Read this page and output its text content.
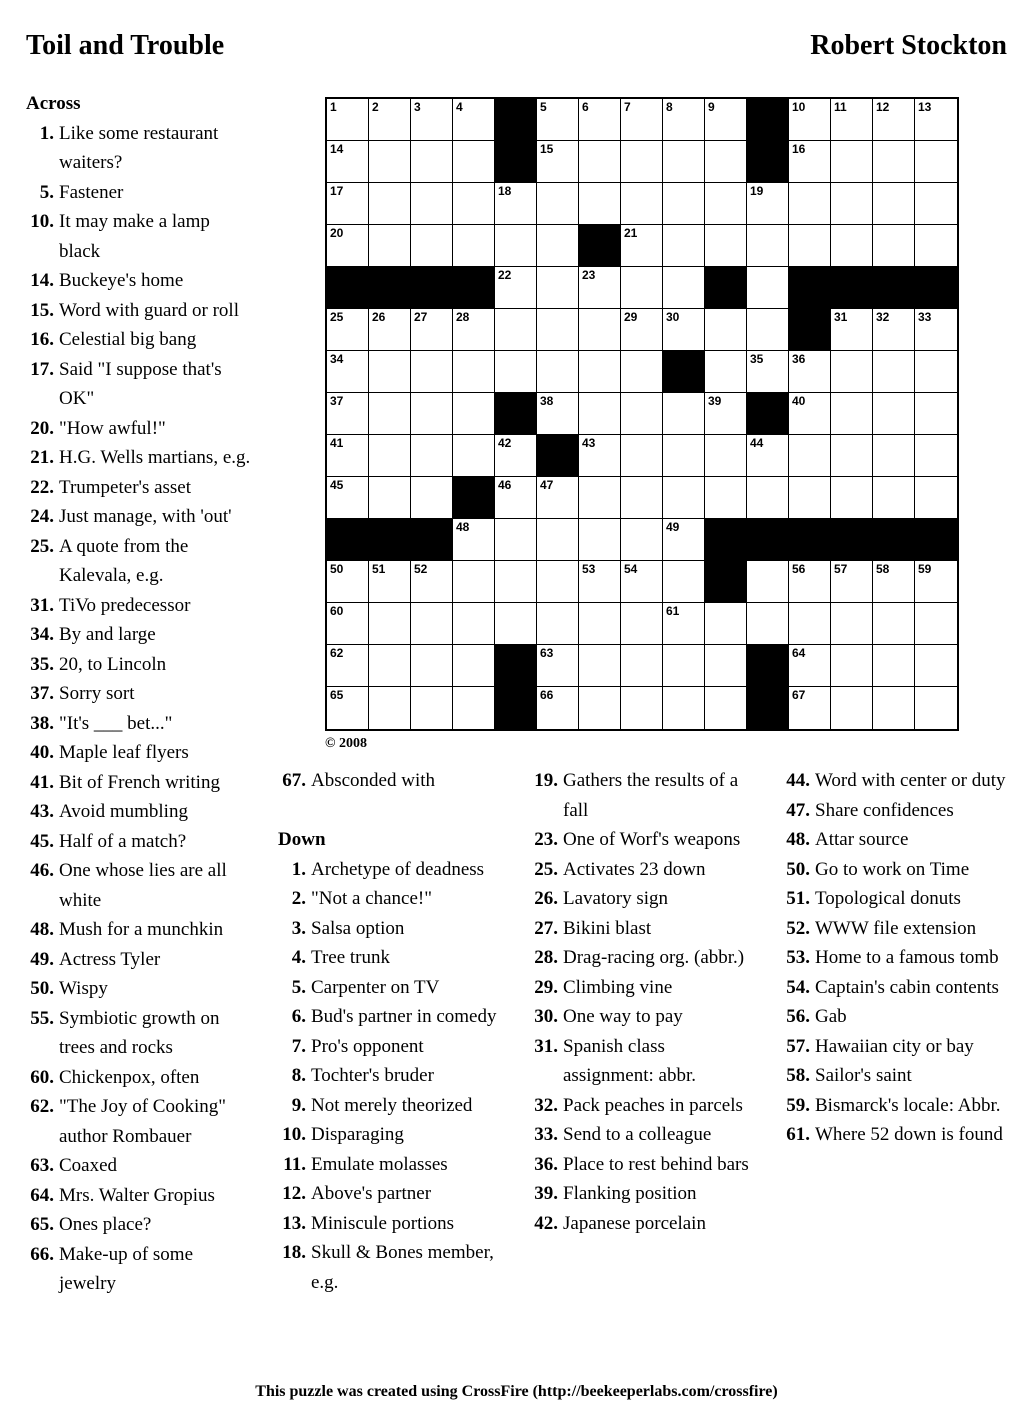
Toil and Trouble	Robert Stockton
1	2	3	4	5	6	7	8	9	10 11 12 13
14	15	16
17	18	19
20	21
22	23	24
25 26 27 28	29 30	31 32 33
34	35 36
37	38	39	40
41	42	43	44
45	46 47
48	49
50 51 52	53 54	55	56 57 58 59
60	61
62	63	64
65	66	67
© 2008
Across
1. Like some restaurant waiters?
5. Fastener
10. It may make a lamp black
14. Buckeye's home
15. Word with guard or roll
16. Celestial big bang
17. Said "I suppose that's OK"
20. "How awful!"
21. H.G. Wells martians, e.g.
22. Trumpeter's asset
24. Just manage, with 'out'
25. A quote from the Kalevala, e.g.
31. TiVo predecessor
34. By and large
35. 20, to Lincoln
37. Sorry sort
38. "It's ___ bet..."
40. Maple leaf flyers
41. Bit of French writing
43. Avoid mumbling
45. Half of a match?
46. One whose lies are all white
48. Mush for a munchkin
49. Actress Tyler
50. Wispy
55. Symbiotic growth on trees and rocks
60. Chickenpox, often
62. "The Joy of Cooking" author Rombauer
63. Coaxed
64. Mrs. Walter Gropius
65. Ones place?
66. Make-up of some jewelry
67. Absconded with
Down
1. Archetype of deadness
2. "Not a chance!"
3. Salsa option
4. Tree trunk
5. Carpenter on TV
6. Bud's partner in comedy
7. Pro's opponent
8. Tochter's bruder
9. Not merely theorized
10. Disparaging
11. Emulate molasses
12. Above's partner
13. Miniscule portions
18. Skull & Bones member, e.g.
19. Gathers the results of a fall
23. One of Worf's weapons
25. Activates 23 down
26. Lavatory sign
27. Bikini blast
28. Drag-racing org. (abbr.)
29. Climbing vine
30. One way to pay
31. Spanish class assignment: abbr.
32. Pack peaches in parcels
33. Send to a colleague
36. Place to rest behind bars
39. Flanking position
42. Japanese porcelain
44. Word with center or duty
47. Share confidences
48. Attar source
50. Go to work on Time
51. Topological donuts
52. WWW file extension
53. Home to a famous tomb
54. Captain's cabin contents
56. Gab
57. Hawaiian city or bay
58. Sailor's saint
59. Bismarck's locale: Abbr.
61. Where 52 down is found
This puzzle was created using CrossFire (http://beekeeperlabs.com/crossfire)
